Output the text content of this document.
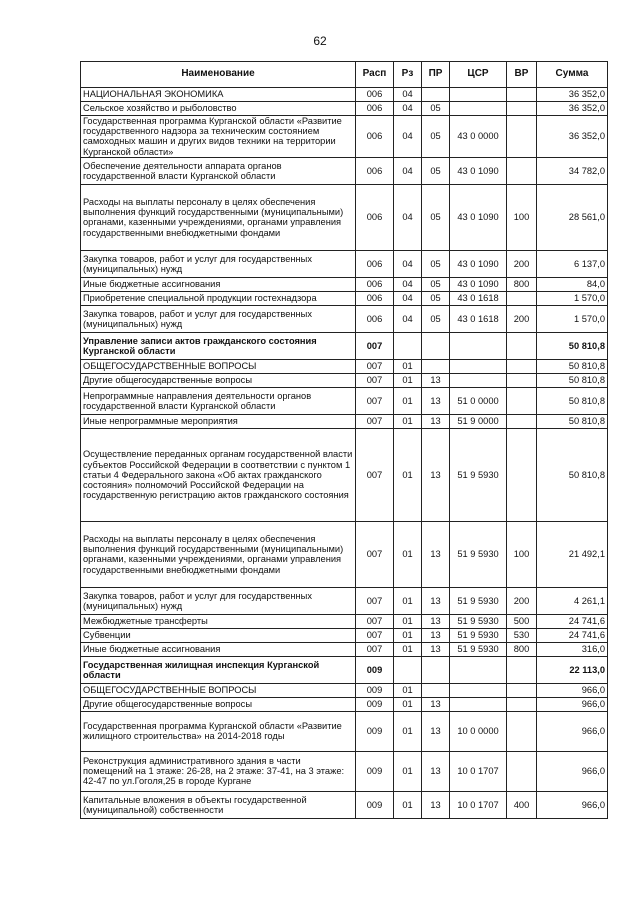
62
Наименование	Расп	Рз	ПР	ЦСР	ВР	Сумма
НАЦИОНАЛЬНАЯ ЭКОНОМИКА	006	04				36 352,0
Сельское хозяйство и рыболовство	006	04	05			36 352,0
Государственная программа Курганской области «Развитие государственного надзора за техническим состоянием самоходных машин и других видов техники на территории Курганской области»	006	04	05	43 0 0000		36 352,0
Обеспечение деятельности аппарата органов государственной власти Курганской области	006	04	05	43 0 1090		34 782,0
Расходы на выплаты персоналу в целях обеспечения выполнения функций государственными (муниципальными) органами, казенными учреждениями, органами управления государственными внебюджетными фондами	006	04	05	43 0 1090	100	28 561,0
Закупка товаров, работ и услуг для государственных (муниципальных) нужд	006	04	05	43 0 1090	200	6 137,0
Иные бюджетные ассигнования	006	04	05	43 0 1090	800	84,0
Приобретение специальной продукции гостехнадзора	006	04	05	43 0 1618		1 570,0
Закупка товаров, работ и услуг для государственных (муниципальных) нужд	006	04	05	43 0 1618	200	1 570,0
Управление записи актов гражданского состояния Курганской области	007					50 810,8
ОБЩЕГОСУДАРСТВЕННЫЕ ВОПРОСЫ	007	01				50 810,8
Другие общегосударственные вопросы	007	01	13			50 810,8
Непрограммные направления деятельности органов государственной власти Курганской области	007	01	13	51 0 0000		50 810,8
Иные непрограммные мероприятия	007	01	13	51 9 0000		50 810,8
Осуществление переданных органам государственной власти субъектов Российской Федерации в соответствии с пунктом 1 статьи 4 Федерального закона «Об актах гражданского состояния» полномочий Российской Федерации на государственную регистрацию актов гражданского состояния	007	01	13	51 9 5930		50 810,8
Расходы на выплаты персоналу в целях обеспечения выполнения функций государственными (муниципальными) органами, казенными учреждениями, органами управления государственными внебюджетными фондами	007	01	13	51 9 5930	100	21 492,1
Закупка товаров, работ и услуг для государственных (муниципальных) нужд	007	01	13	51 9 5930	200	4 261,1
Межбюджетные трансферты	007	01	13	51 9 5930	500	24 741,6
Субвенции	007	01	13	51 9 5930	530	24 741,6
Иные бюджетные ассигнования	007	01	13	51 9 5930	800	316,0
Государственная жилищная инспекция Курганской области	009					22 113,0
ОБЩЕГОСУДАРСТВЕННЫЕ ВОПРОСЫ	009	01				966,0
Другие общегосударственные вопросы	009	01	13			966,0
Государственная программа Курганской области «Развитие жилищного строительства» на 2014-2018 годы	009	01	13	10 0 0000		966,0
Реконструкция административного здания в части помещений на 1 этаже: 26-28, на 2 этаже: 37-41, на 3 этаже: 42-47 по ул.Гоголя,25 в городе Кургане	009	01	13	10 0 1707		966,0
Капитальные вложения в объекты государственной (муниципальной) собственности	009	01	13	10 0 1707	400	966,0
